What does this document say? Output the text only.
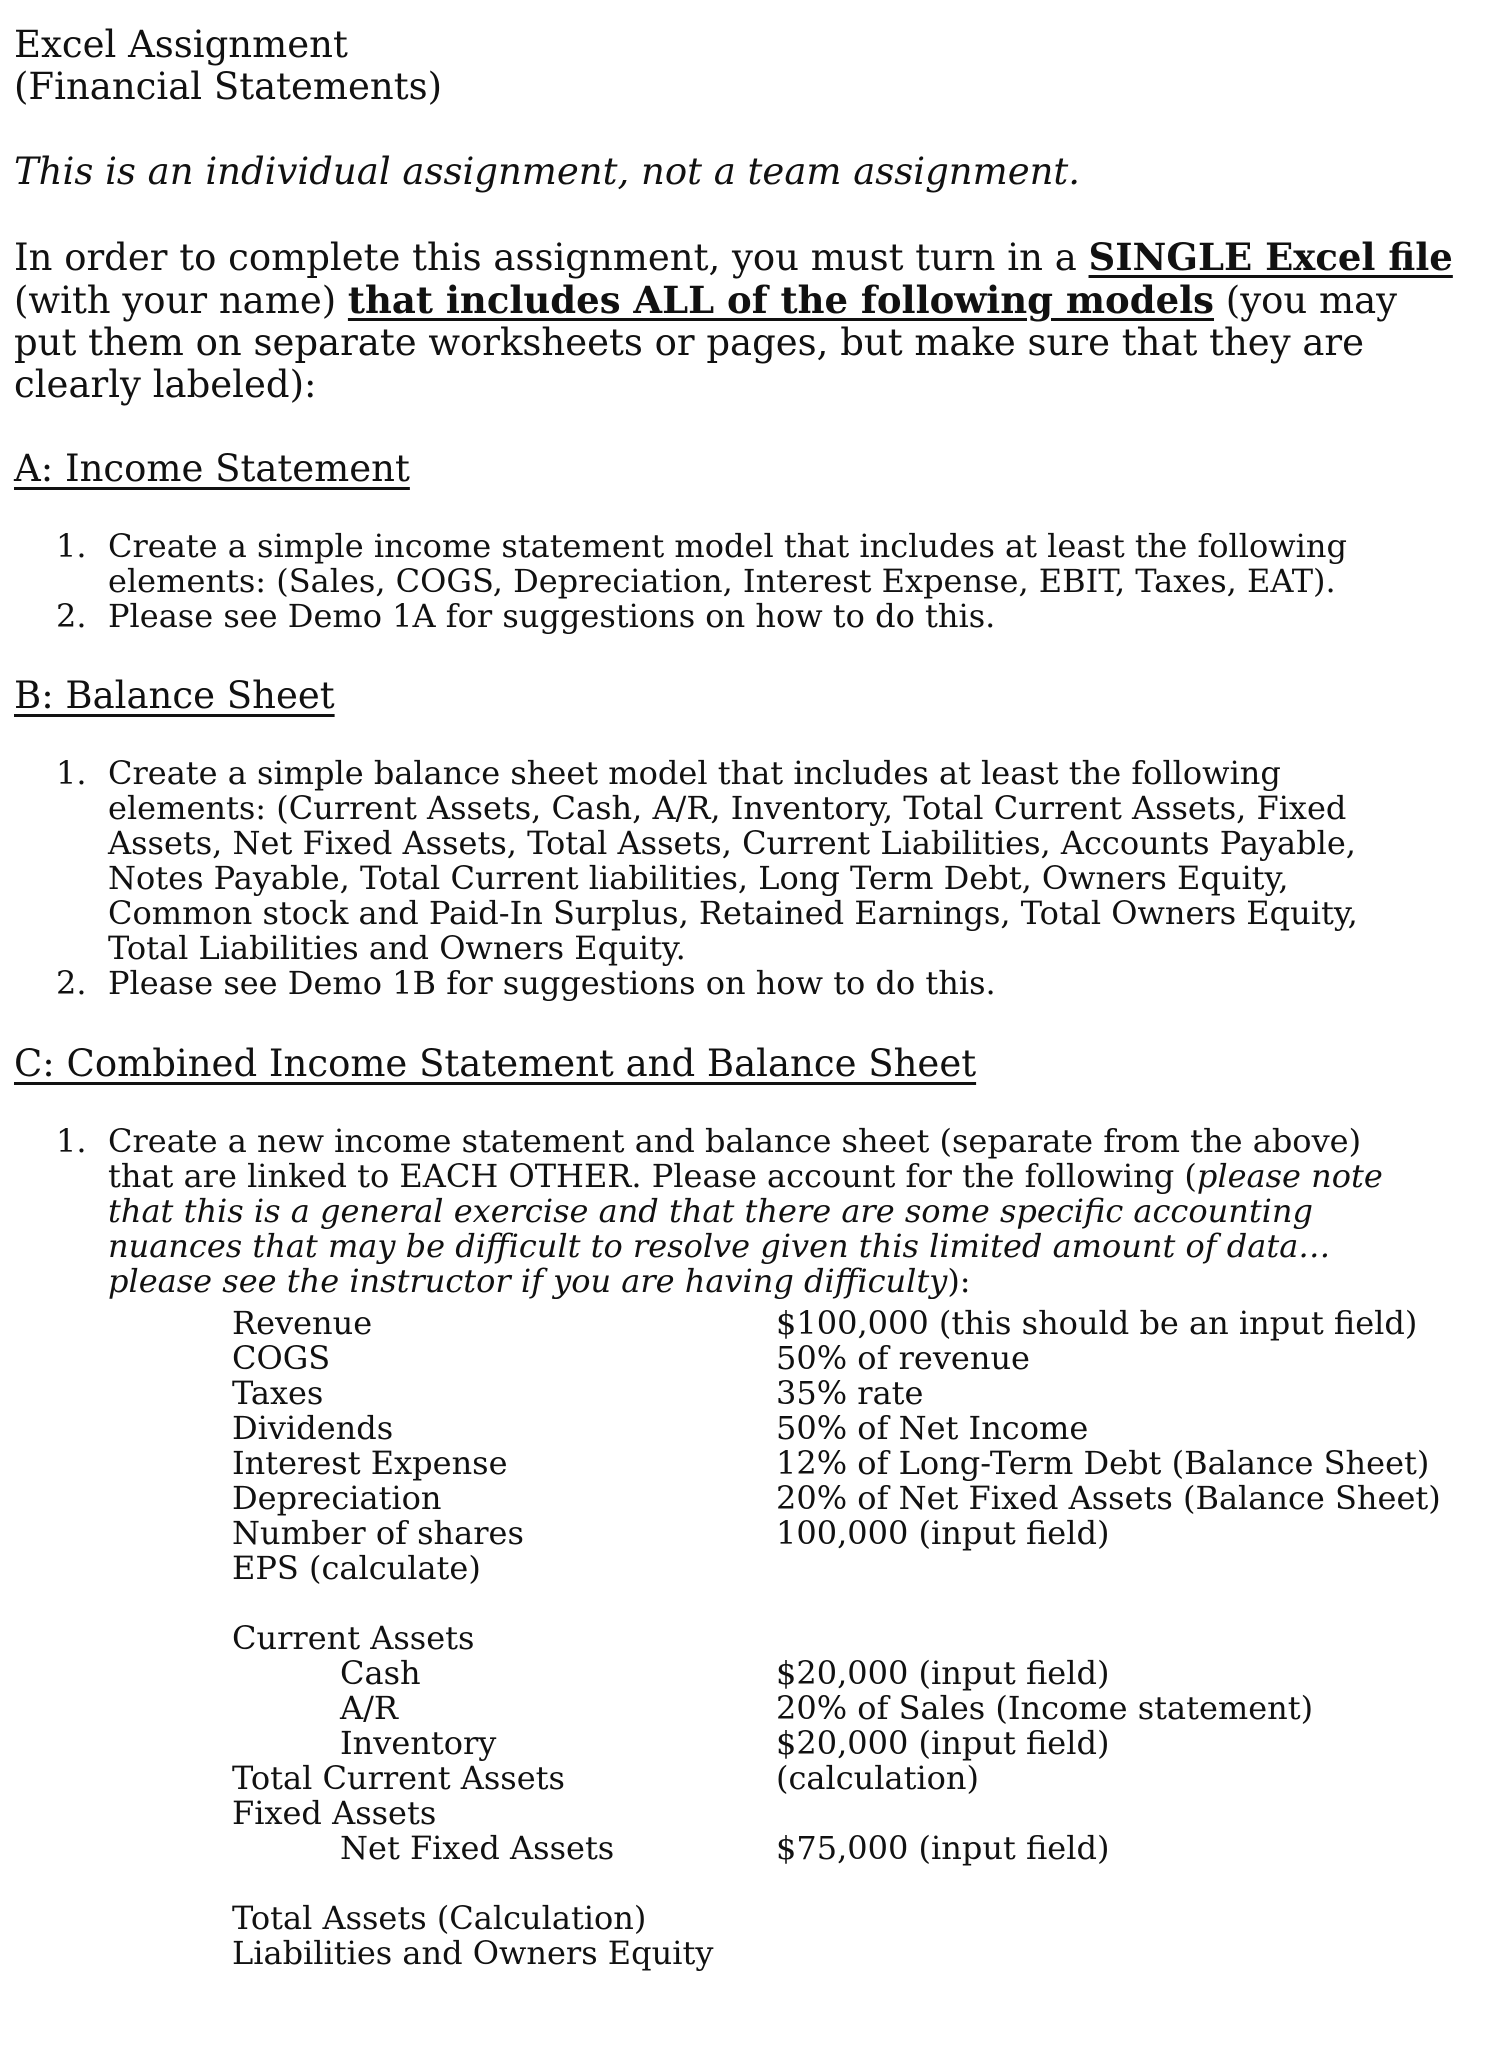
Excel Assignment
(Financial Statements)

This is an individual assignment, not a team assignment.

In order to complete this assignment, you must turn in a SINGLE Excel file (with your name) that includes ALL of the following models (you may put them on separate worksheets or pages, but make sure that they are clearly labeled):

A: Income Statement

1. Create a simple income statement model that includes at least the following elements: (Sales, COGS, Depreciation, Interest Expense, EBIT, Taxes, EAT).
2. Please see Demo 1A for suggestions on how to do this.

B: Balance Sheet

1. Create a simple balance sheet model that includes at least the following elements: (Current Assets, Cash, A/R, Inventory, Total Current Assets, Fixed Assets, Net Fixed Assets, Total Assets, Current Liabilities, Accounts Payable, Notes Payable, Total Current liabilities, Long Term Debt, Owners Equity, Common stock and Paid-In Surplus, Retained Earnings, Total Owners Equity, Total Liabilities and Owners Equity.
2. Please see Demo 1B for suggestions on how to do this.

C: Combined Income Statement and Balance Sheet

1. Create a new income statement and balance sheet (separate from the above) that are linked to EACH OTHER. Please account for the following (please note that this is a general exercise and that there are some specific accounting nuances that may be difficult to resolve given this limited amount of data…please see the instructor if you are having difficulty):
Revenue	$100,000 (this should be an input field)
COGS	50% of revenue
Taxes	35% rate
Dividends	50% of Net Income
Interest Expense	12% of Long-Term Debt (Balance Sheet)
Depreciation	20% of Net Fixed Assets (Balance Sheet)
Number of shares	100,000 (input field)
EPS (calculate)
Current Assets
Cash	$20,000 (input field)
A/R	20% of Sales (Income statement)
Inventory	$20,000 (input field)
Total Current Assets	(calculation)
Fixed Assets
Net Fixed Assets	$75,000 (input field)
Total Assets (Calculation)
Liabilities and Owners Equity
